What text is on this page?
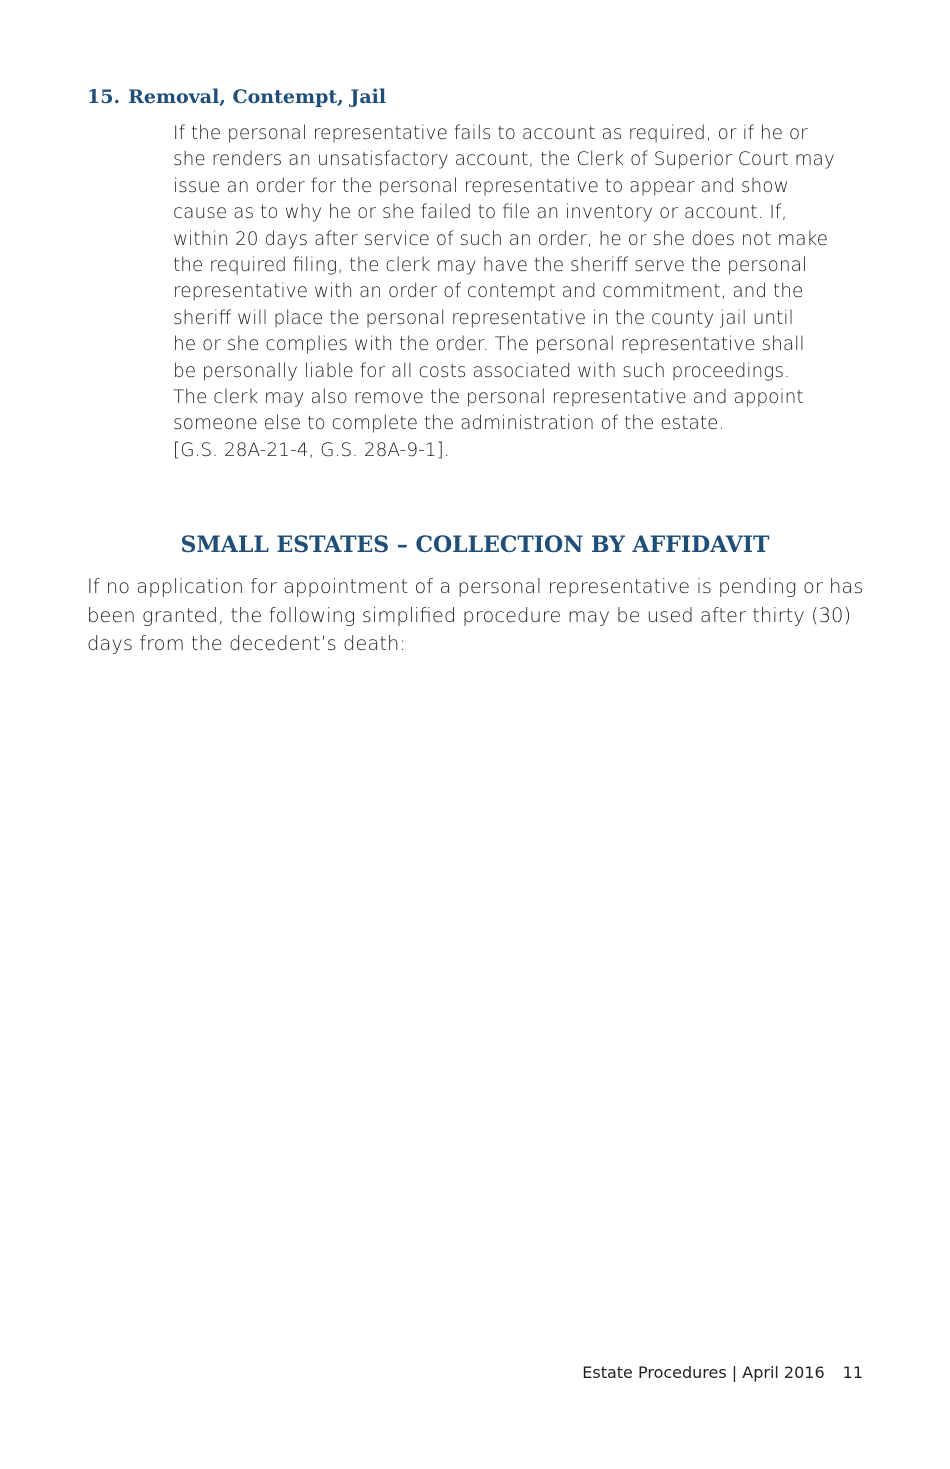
15. Removal, Contempt, Jail
If the personal representative fails to account as required, or if he or
she renders an unsatisfactory account, the Clerk of Superior Court may
issue an order for the personal representative to appear and show
cause as to why he or she failed to file an inventory or account. If,
within 20 days after service of such an order, he or she does not make
the required filing, the clerk may have the sheriff serve the personal
representative with an order of contempt and commitment, and the
sheriff will place the personal representative in the county jail until
he or she complies with the order. The personal representative shall
be personally liable for all costs associated with such proceedings.
The clerk may also remove the personal representative and appoint
someone else to complete the administration of the estate.
[G.S. 28A-21-4, G.S. 28A-9-1].
SMALL ESTATES – COLLECTION BY AFFIDAVIT
If no application for appointment of a personal representative is pending or has
been granted, the following simplified procedure may be used after thirty (30)
days from the decedent’s death:
Estate Procedures | April 2016 11
